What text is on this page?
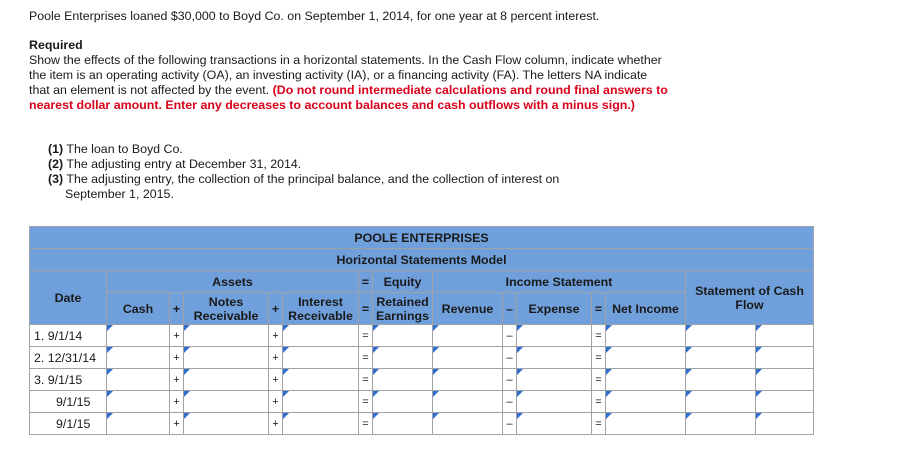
Poole Enterprises loaned $30,000 to Boyd Co. on September 1, 2014, for one year at 8 percent interest.

Required

Show the effects of the following transactions in a horizontal statements. In the Cash Flow column, indicate whether the item is an operating activity (OA), an investing activity (IA), or a financing activity (FA). The letters NA indicate that an element is not affected by the event. (Do not round intermediate calculations and round final answers to nearest dollar amount. Enter any decreases to account balances and cash outflows with a minus sign.)

(1) The loan to Boyd Co.
(2) The adjusting entry at December 31, 2014.
(3) The adjusting entry, the collection of the principal balance, and the collection of interest on
September 1, 2015.
POOLE ENTERPRISES														
Horizontal Statements Model														
Date	Assets					=	Equity	Income Statement					Statement of Cash Flow	
	Cash	+	Notes Receivable	+	Interest Receivable	=	Retained Earnings	Revenue	–	Expense	=	Net Income		
1. 9/1/14		+		+		=			–		=			
2. 12/31/14		+		+		=			–		=			
3. 9/1/15		+		+		=			–		=			
9/1/15		+		+		=			–		=			
9/1/15		+		+		=			–		=			
